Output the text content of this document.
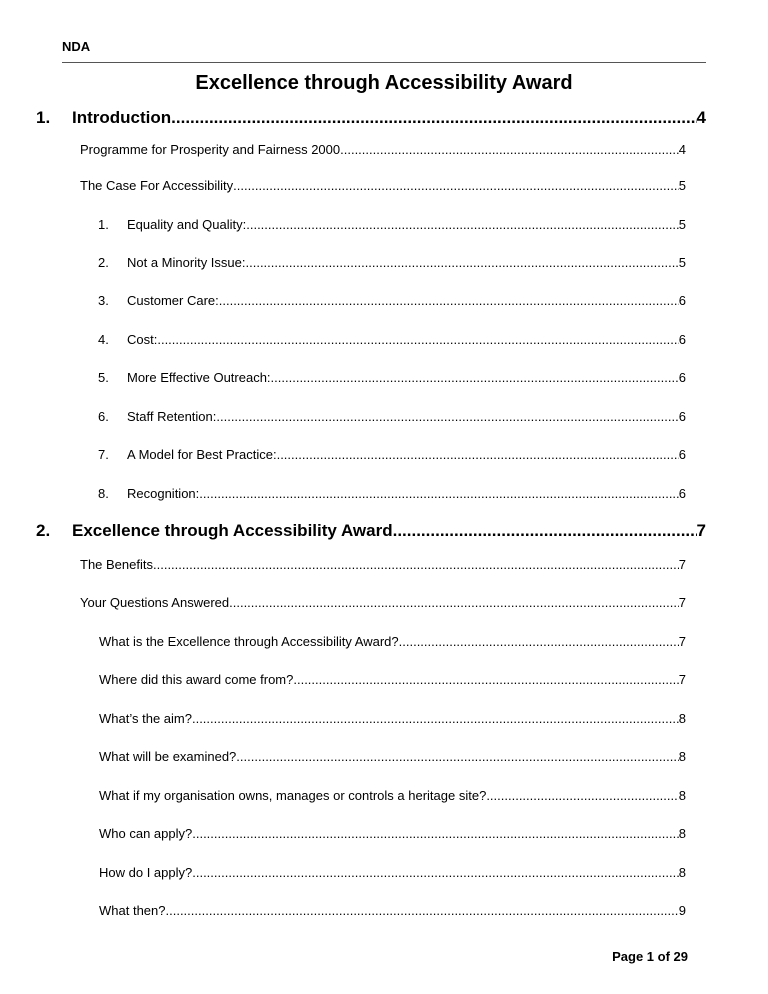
NDA
Excellence through Accessibility Award
1.	Introduction .....	4
Programme for Prosperity and Fairness 2000 .....	4
The Case For Accessibility .....	5
1.	Equality and Quality: .....	5
2.	Not a Minority Issue: .....	5
3.	Customer Care: .....	6
4.	Cost: .....	6
5.	More Effective Outreach: .....	6
6.	Staff Retention: .....	6
7.	A Model for Best Practice: .....	6
8.	Recognition: .....	6
2.	Excellence through Accessibility Award .....	7
The Benefits .....	7
Your Questions Answered .....	7
What is the Excellence through Accessibility Award? .....	7
Where did this award come from? .....	7
What’s the aim? .....	8
What will be examined? .....	8
What if my organisation owns, manages or controls a heritage site? .....	8
Who can apply? .....	8
How do I apply? .....	8
What then? .....	9
Page 1 of 29
